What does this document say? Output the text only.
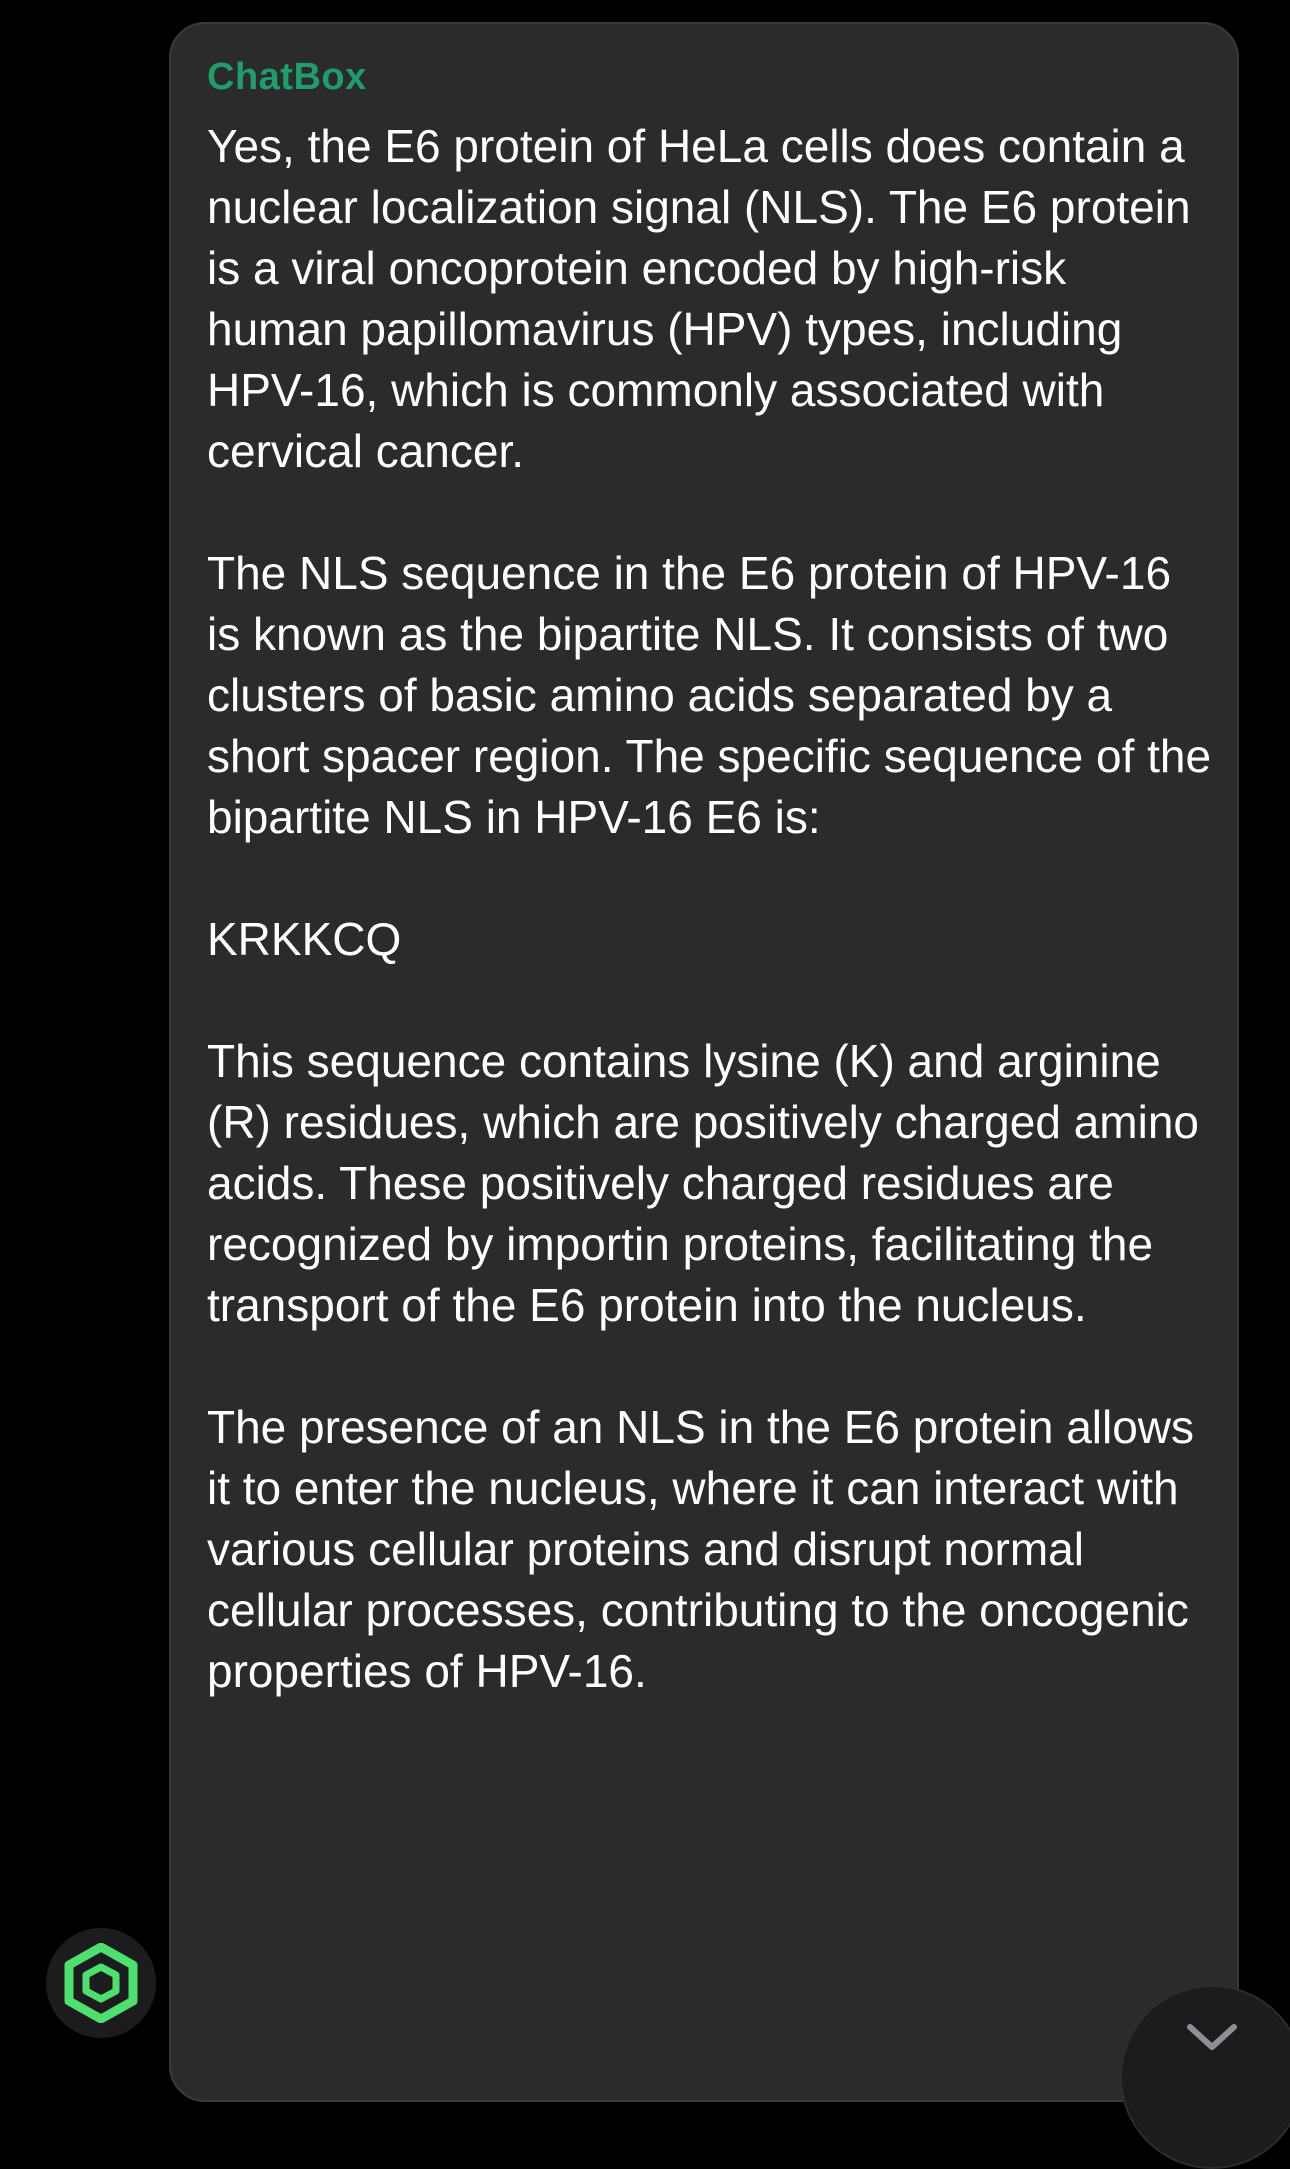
ChatBox

Yes, the E6 protein of HeLa cells does contain a nuclear localization signal (NLS). The E6 protein is a viral oncoprotein encoded by high-risk human papillomavirus (HPV) types, including HPV-16, which is commonly associated with cervical cancer.

The NLS sequence in the E6 protein of HPV-16 is known as the bipartite NLS. It consists of two clusters of basic amino acids separated by a short spacer region. The specific sequence of the bipartite NLS in HPV-16 E6 is:

KRKKCQ

This sequence contains lysine (K) and arginine (R) residues, which are positively charged amino acids. These positively charged residues are recognized by importin proteins, facilitating the transport of the E6 protein into the nucleus.

The presence of an NLS in the E6 protein allows it to enter the nucleus, where it can interact with various cellular proteins and disrupt normal cellular processes, contributing to the oncogenic properties of HPV-16.
